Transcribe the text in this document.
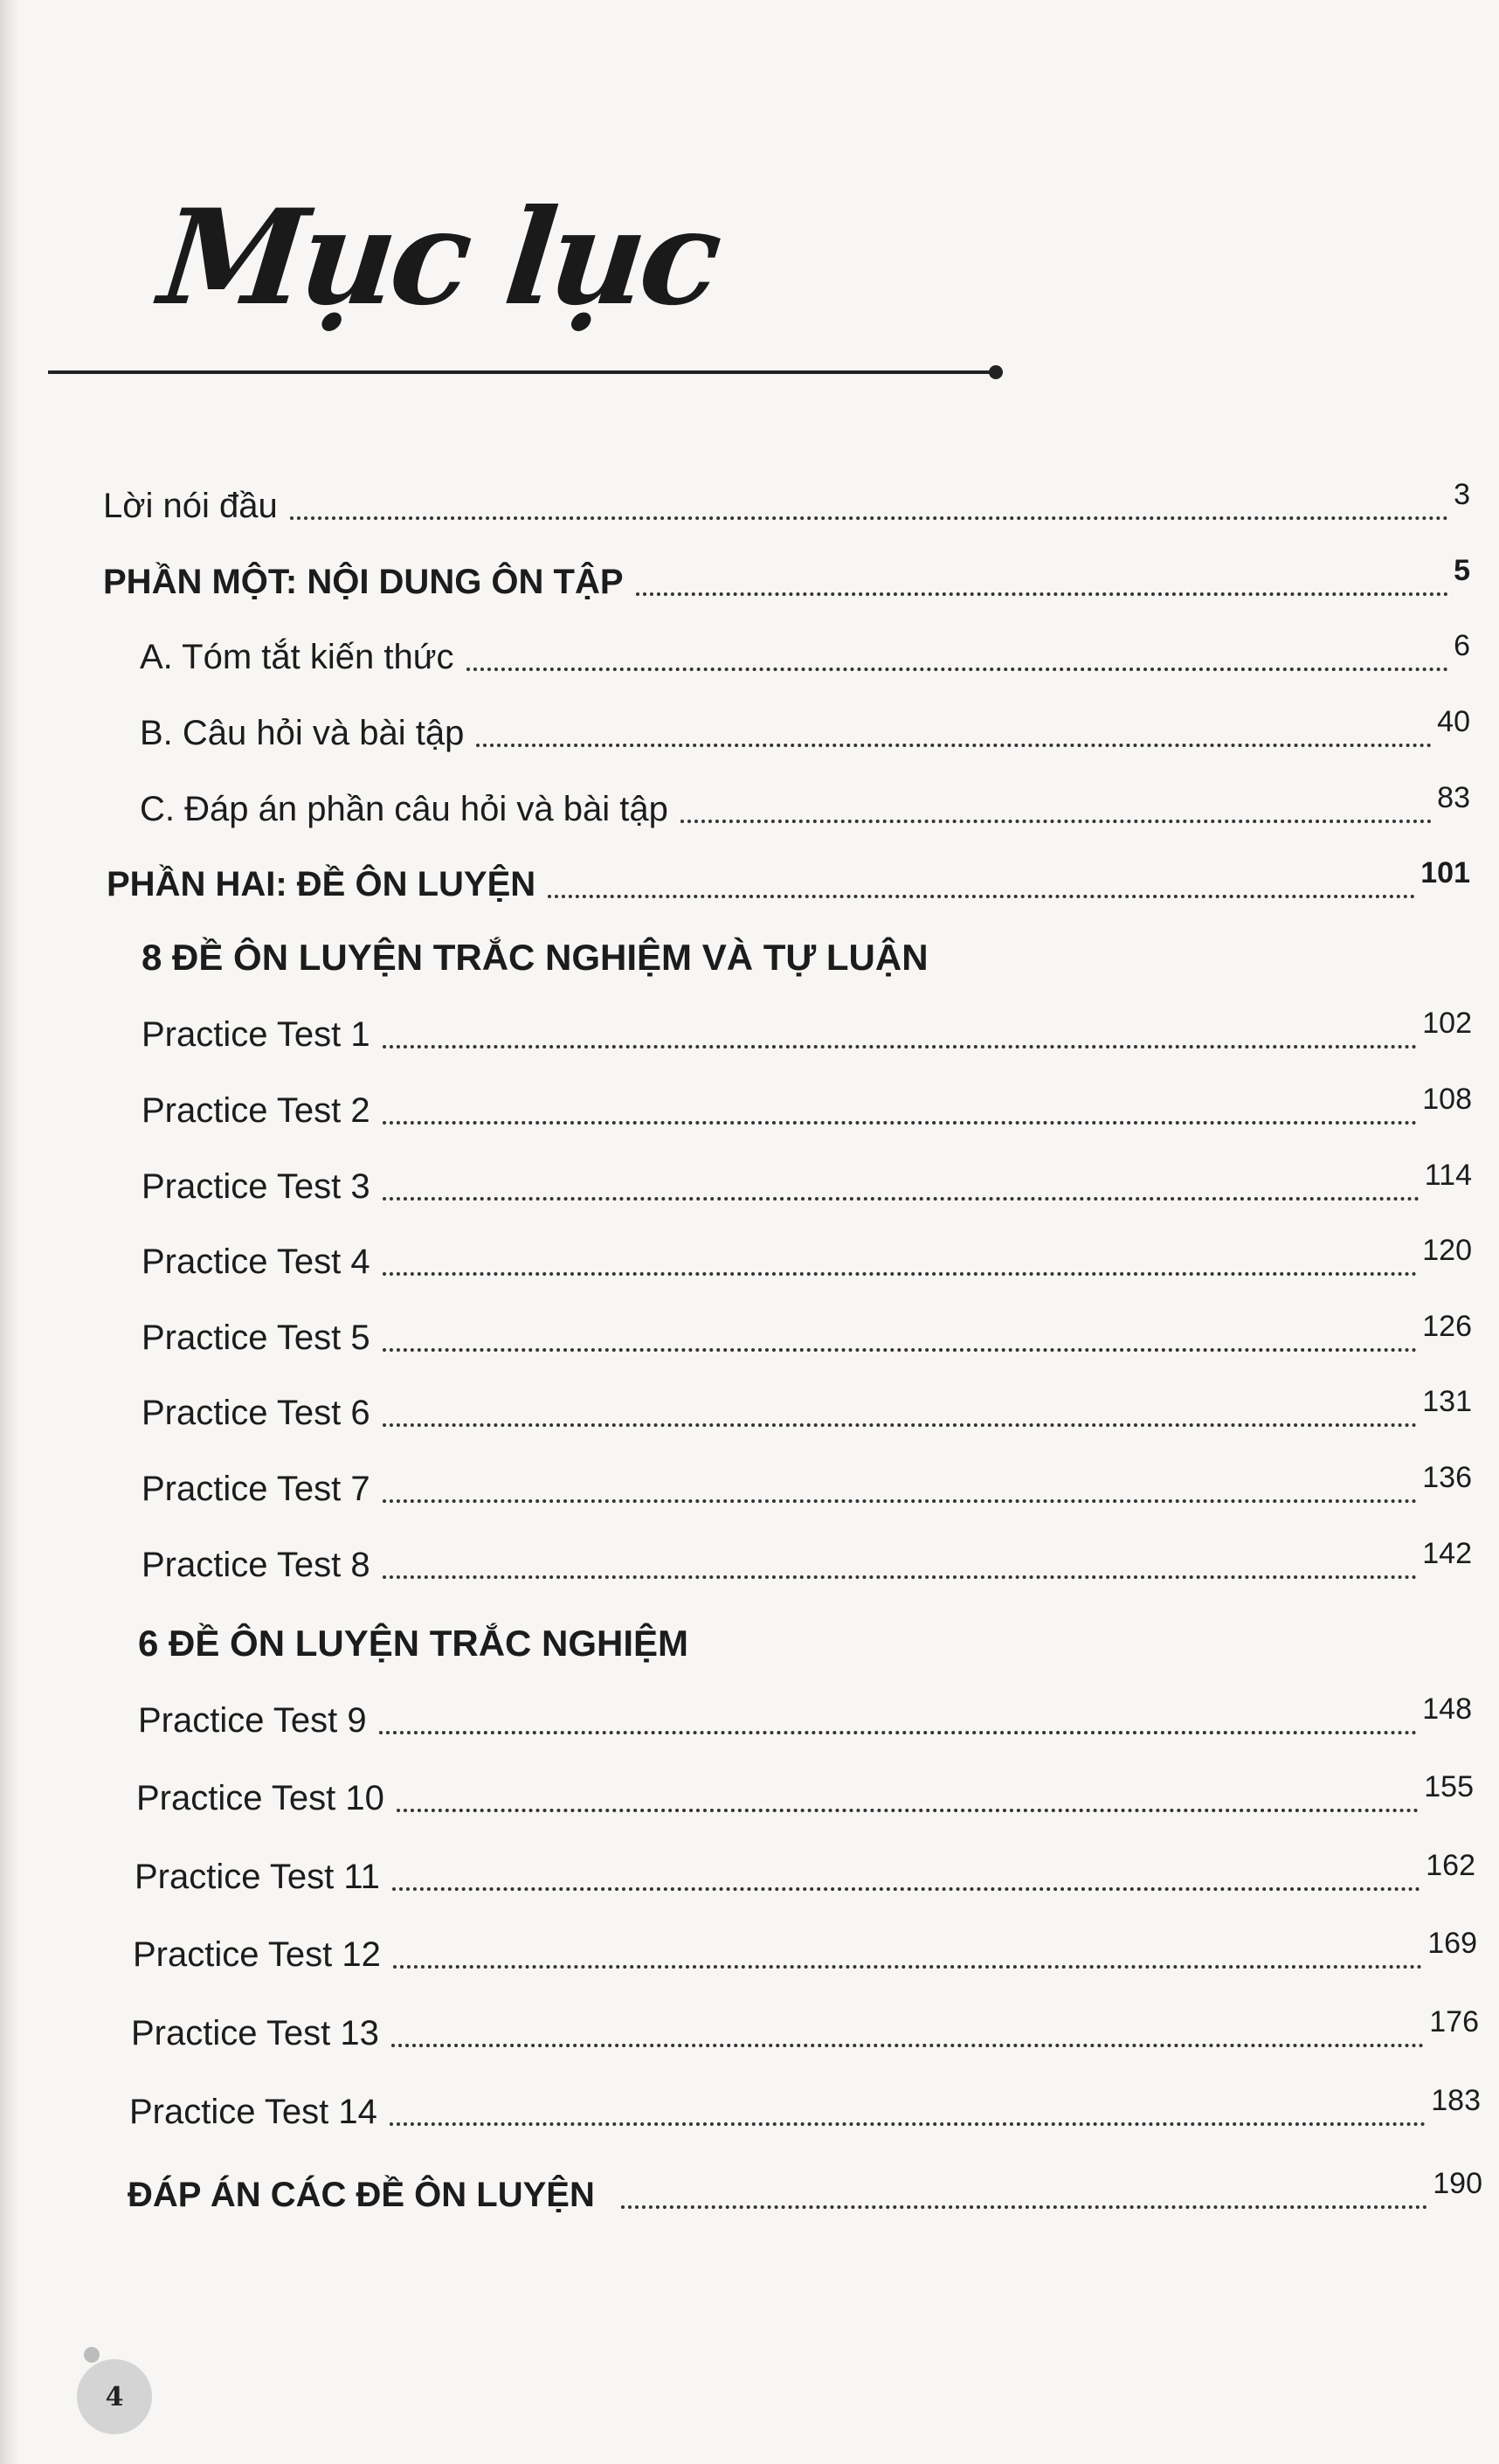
Mục lục
Lời nói đầu	3
PHẦN MỘT: NỘI DUNG ÔN TẬP	5
A. Tóm tắt kiến thức	6
B. Câu hỏi và bài tập	40
C. Đáp án phần câu hỏi và bài tập	83
PHẦN HAI: ĐỀ ÔN LUYỆN	101
8 ĐỀ ÔN LUYỆN TRẮC NGHIỆM VÀ TỰ LUẬN
Practice Test 1	102
Practice Test 2	108
Practice Test 3	114
Practice Test 4	120
Practice Test 5	126
Practice Test 6	131
Practice Test 7	136
Practice Test 8	142
6 ĐỀ ÔN LUYỆN TRẮC NGHIỆM
Practice Test 9	148
Practice Test 10	155
Practice Test 11	162
Practice Test 12	169
Practice Test 13	176
Practice Test 14	183
ĐÁP ÁN CÁC ĐỀ ÔN LUYỆN	190
4
